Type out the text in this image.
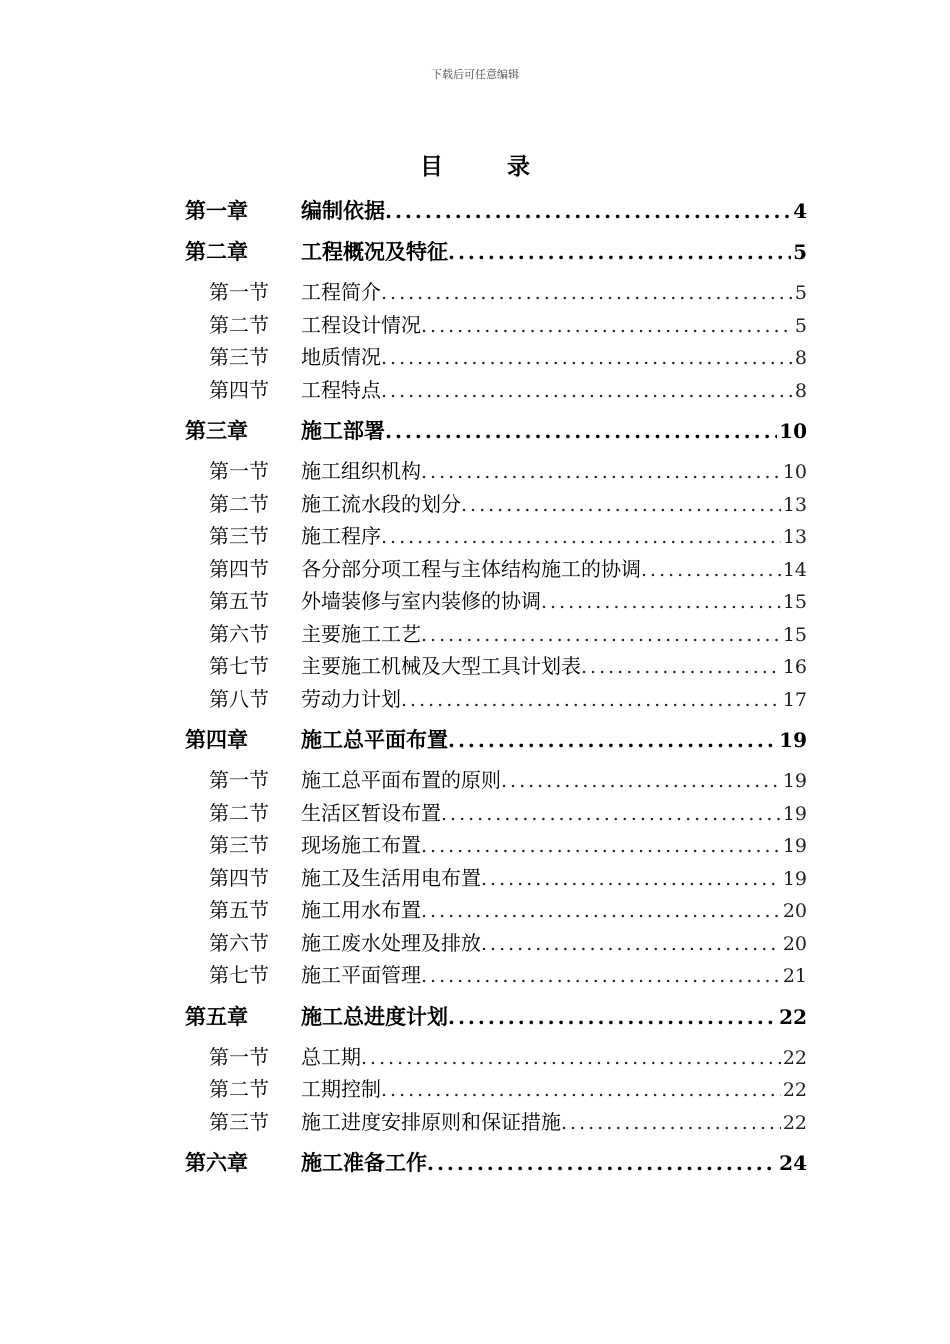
下载后可任意编辑
目 录
第一章	编制依据 .....	4
第二章	工程概况及特征 .....	5
第一节	工程简介 .....	5
第二节	工程设计情况 .....	5
第三节	地质情况 .....	8
第四节	工程特点 .....	8
第三章	施工部署 .....	10
第一节	施工组织机构 .....	10
第二节	施工流水段的划分 .....	13
第三节	施工程序 .....	13
第四节	各分部分项工程与主体结构施工的协调 .....	14
第五节	外墙装修与室内装修的协调 .....	15
第六节	主要施工工艺 .....	15
第七节	主要施工机械及大型工具计划表 .....	16
第八节	劳动力计划 .....	17
第四章	施工总平面布置 .....	19
第一节	施工总平面布置的原则 .....	19
第二节	生活区暂设布置 .....	19
第三节	现场施工布置 .....	19
第四节	施工及生活用电布置 .....	19
第五节	施工用水布置 .....	20
第六节	施工废水处理及排放 .....	20
第七节	施工平面管理 .....	21
第五章	施工总进度计划 .....	22
第一节	总工期 .....	22
第二节	工期控制 .....	22
第三节	施工进度安排原则和保证措施 .....	22
第六章	施工准备工作 .....	24
